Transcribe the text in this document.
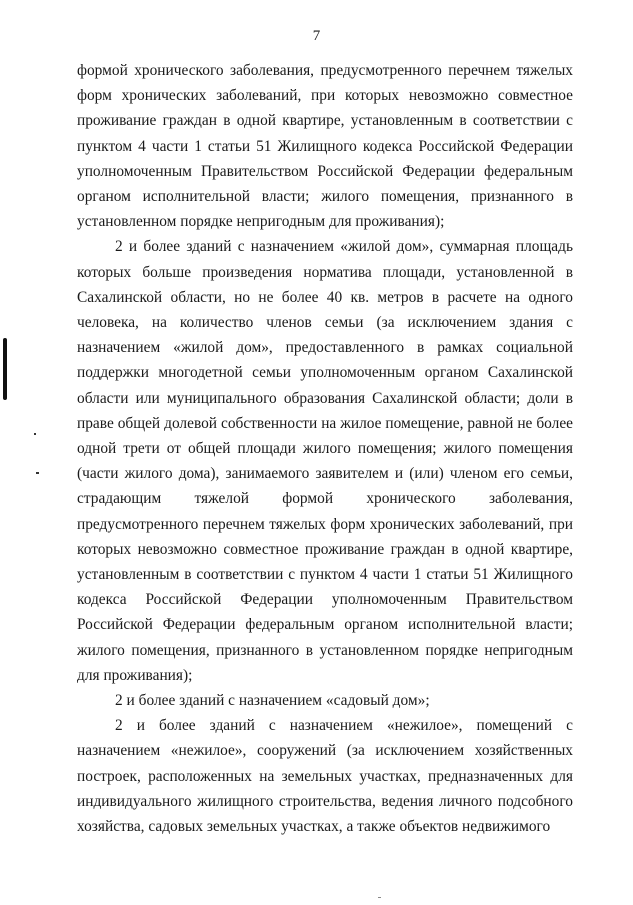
7

формой хронического заболевания, предусмотренного перечнем тяжелых форм хронических заболеваний, при которых невозможно совместное проживание граждан в одной квартире, установленным в соответствии с пунктом 4 части 1 статьи 51 Жилищного кодекса Российской Федерации уполномоченным Правительством Российской Федерации федеральным органом исполнительной власти; жилого помещения, признанного в установленном порядке непригодным для проживания);

2 и более зданий с назначением «жилой дом», суммарная площадь которых больше произведения норматива площади, установленной в Сахалинской области, но не более 40 кв. метров в расчете на одного человека, на количество членов семьи (за исключением здания с назначением «жилой дом», предоставленного в рамках социальной поддержки многодетной семьи уполномоченным органом Сахалинской области или муниципального образования Сахалинской области; доли в праве общей долевой собственности на жилое помещение, равной не более одной трети от общей площади жилого помещения; жилого помещения (части жилого дома), занимаемого заявителем и (или) членом его семьи, страдающим тяжелой формой хронического заболевания, предусмотренного перечнем тяжелых форм хронических заболеваний, при которых невозможно совместное проживание граждан в одной квартире, установленным в соответствии с пунктом 4 части 1 статьи 51 Жилищного кодекса Российской Федерации уполномоченным Правительством Российской Федерации федеральным органом исполнительной власти; жилого помещения, признанного в установленном порядке непригодным для проживания);

2 и более зданий с назначением «садовый дом»;

2 и более зданий с назначением «нежилое», помещений с назначением «нежилое», сооружений (за исключением хозяйственных построек, расположенных на земельных участках, предназначенных для индивидуального жилищного строительства, ведения личного подсобного хозяйства, садовых земельных участках, а также объектов недвижимого
